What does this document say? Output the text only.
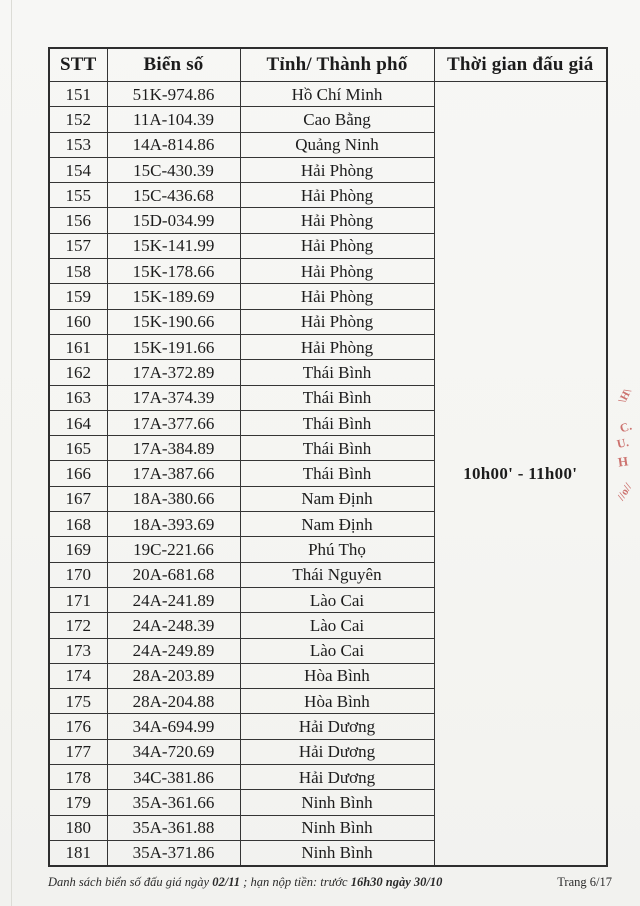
STT	Biển số	Tỉnh/ Thành phố	Thời gian đấu giá
151	51K-974.86	Hồ Chí Minh	10h00' - 11h00'
152	11A-104.39	Cao Bằng	
153	14A-814.86	Quảng Ninh	
154	15C-430.39	Hải Phòng	
155	15C-436.68	Hải Phòng	
156	15D-034.99	Hải Phòng	
157	15K-141.99	Hải Phòng	
158	15K-178.66	Hải Phòng	
159	15K-189.69	Hải Phòng	
160	15K-190.66	Hải Phòng	
161	15K-191.66	Hải Phòng	
162	17A-372.89	Thái Bình	
163	17A-374.39	Thái Bình	
164	17A-377.66	Thái Bình	
165	17A-384.89	Thái Bình	
166	17A-387.66	Thái Bình	
167	18A-380.66	Nam Định	
168	18A-393.69	Nam Định	
169	19C-221.66	Phú Thọ	
170	20A-681.68	Thái Nguyên	
171	24A-241.89	Lào Cai	
172	24A-248.39	Lào Cai	
173	24A-249.89	Lào Cai	
174	28A-203.89	Hòa Bình	
175	28A-204.88	Hòa Bình	
176	34A-694.99	Hải Dương	
177	34A-720.69	Hải Dương	
178	34C-381.86	Hải Dương	
179	35A-361.66	Ninh Bình	
180	35A-361.88	Ninh Bình	
181	35A-371.86	Ninh Bình	
\H\
C.
U.
H
//o//
Danh sách biển số đấu giá ngày 02/11 ; hạn nộp tiền: trước 16h30 ngày 30/10	Trang 6/17
